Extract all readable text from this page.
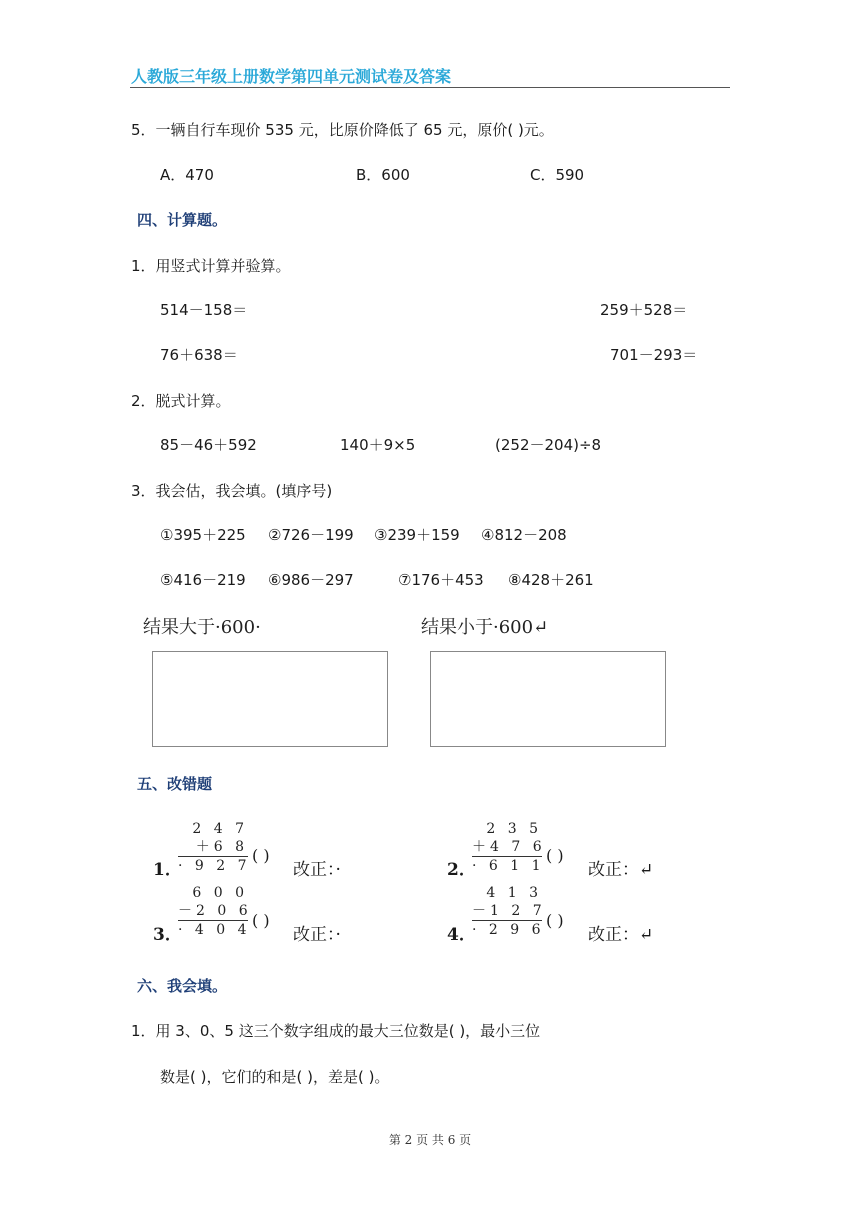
人教版三年级上册数学第四单元测试卷及答案
5．一辆自行车现价 535 元，比原价降低了 65 元，原价( )元。
A．470	B．600	C．590
四、计算题。
1．用竖式计算并验算。
514－158＝	259＋528＝
76＋638＝	701－293＝
2．脱式计算。
85－46＋592	140＋9×5	(252－204)÷8
3．我会估，我会填。(填序号)
①395＋225 ②726－199 ③239＋159 ④812－208
⑤416－219 ⑥986－297	⑦176＋453 ⑧428＋261
结果大于·600·	结果小于·600↵
五、改错题
1．
2 4 7
＋6 8
· 9 2 7
( )
改正：·	2．
2 3 5
＋4 7 6
· 6 1 1
( )
改正：↵
3．
6 0 0
－2 0 6
· 4 0 4 ( )
改正：·	4．
4 1 3
－1 2 7
· 2 9 6 ( )
改正：↵
六、我会填。
1．用 3、0、5 这三个数字组成的最大三位数是( )，最小三位
数是( )，它们的和是( )，差是( )。
第 2 页 共 6 页
